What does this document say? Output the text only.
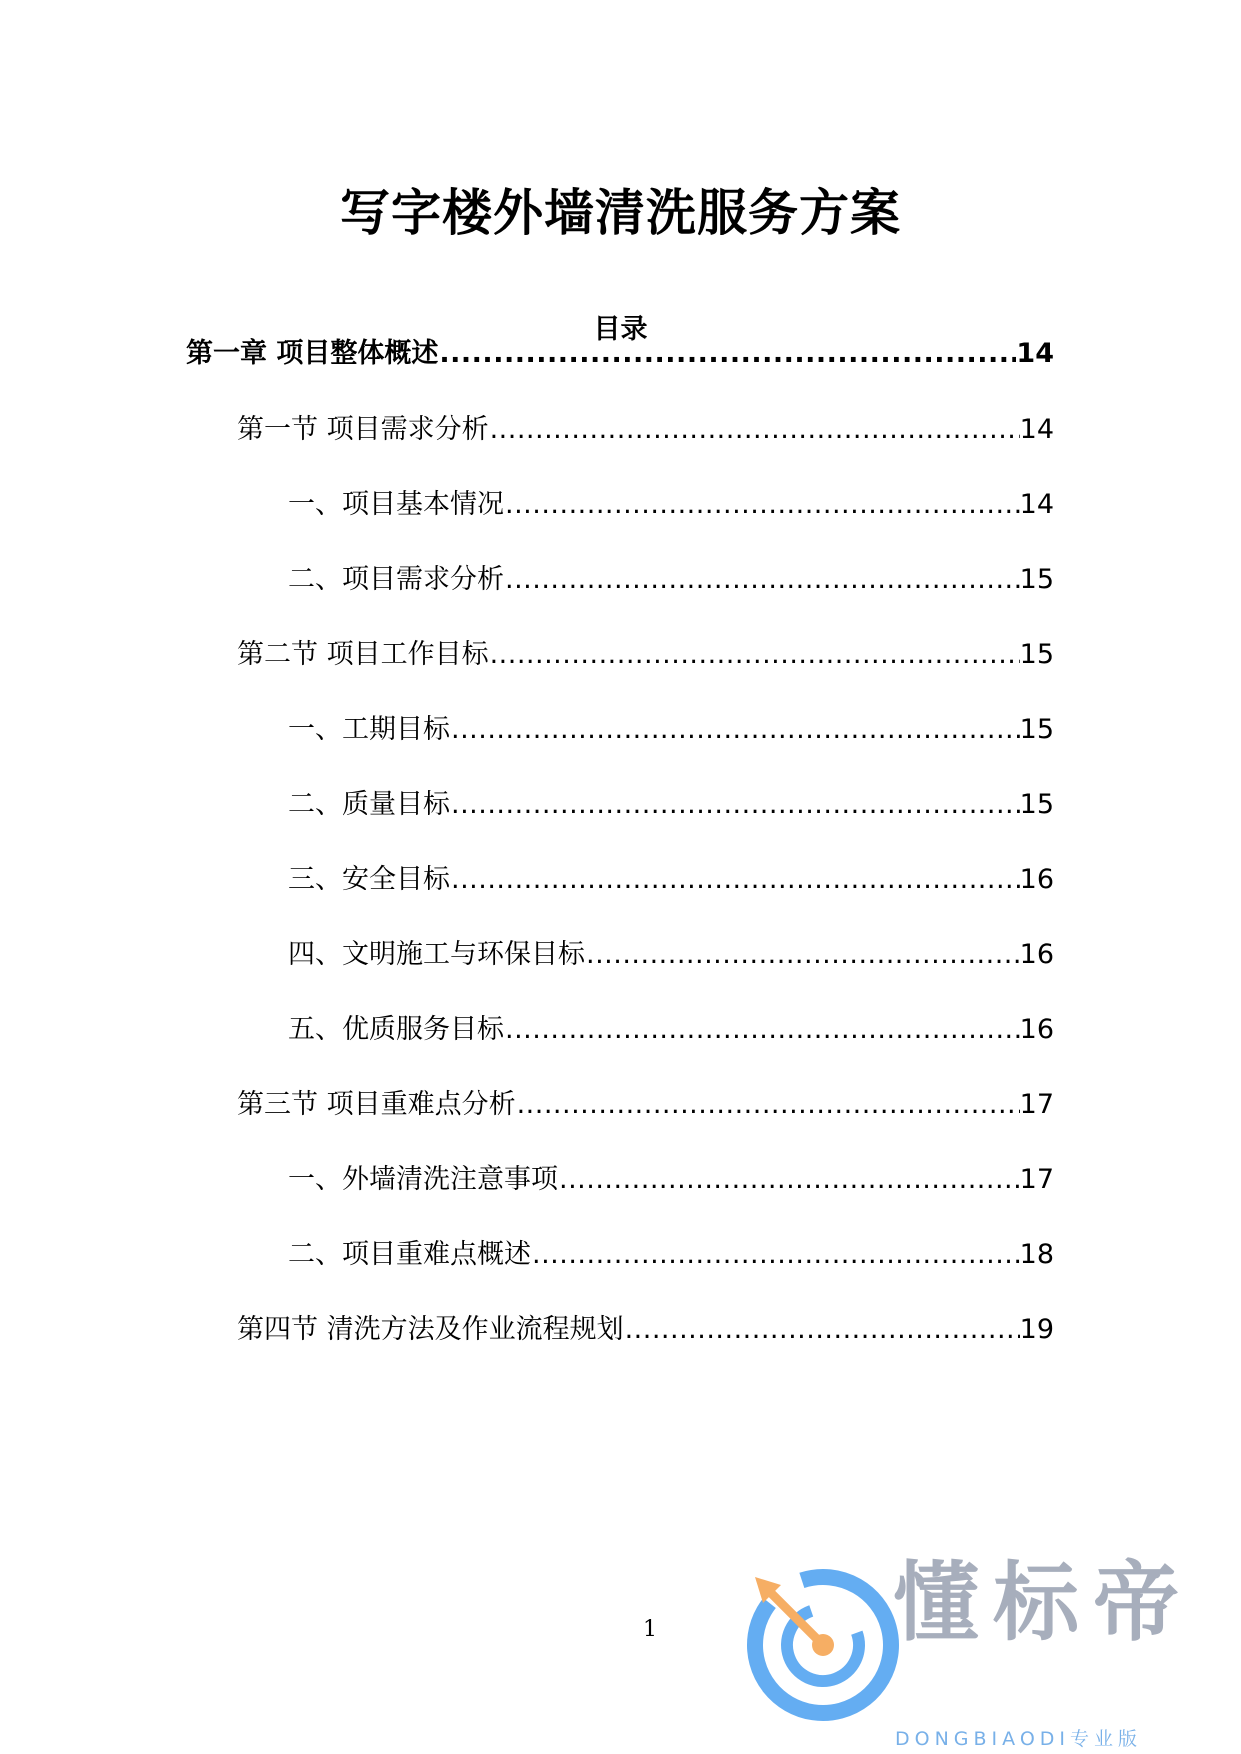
写字楼外墙清洗服务方案
目录
第一章 项目整体概述 .....	14
第一节 项目需求分析 .....	14
一、项目基本情况 .....	14
二、项目需求分析 .....	15
第二节 项目工作目标 .....	15
一、工期目标 .....	15
二、质量目标 .....	15
三、安全目标 .....	16
四、文明施工与环保目标 .....	16
五、优质服务目标 .....	16
第三节 项目重难点分析 .....	17
一、外墙清洗注意事项 .....	17
二、项目重难点概述 .....	18
第四节 清洗方法及作业流程规划 .....	19
1	懂标帝
DONGBIAODI专业版
